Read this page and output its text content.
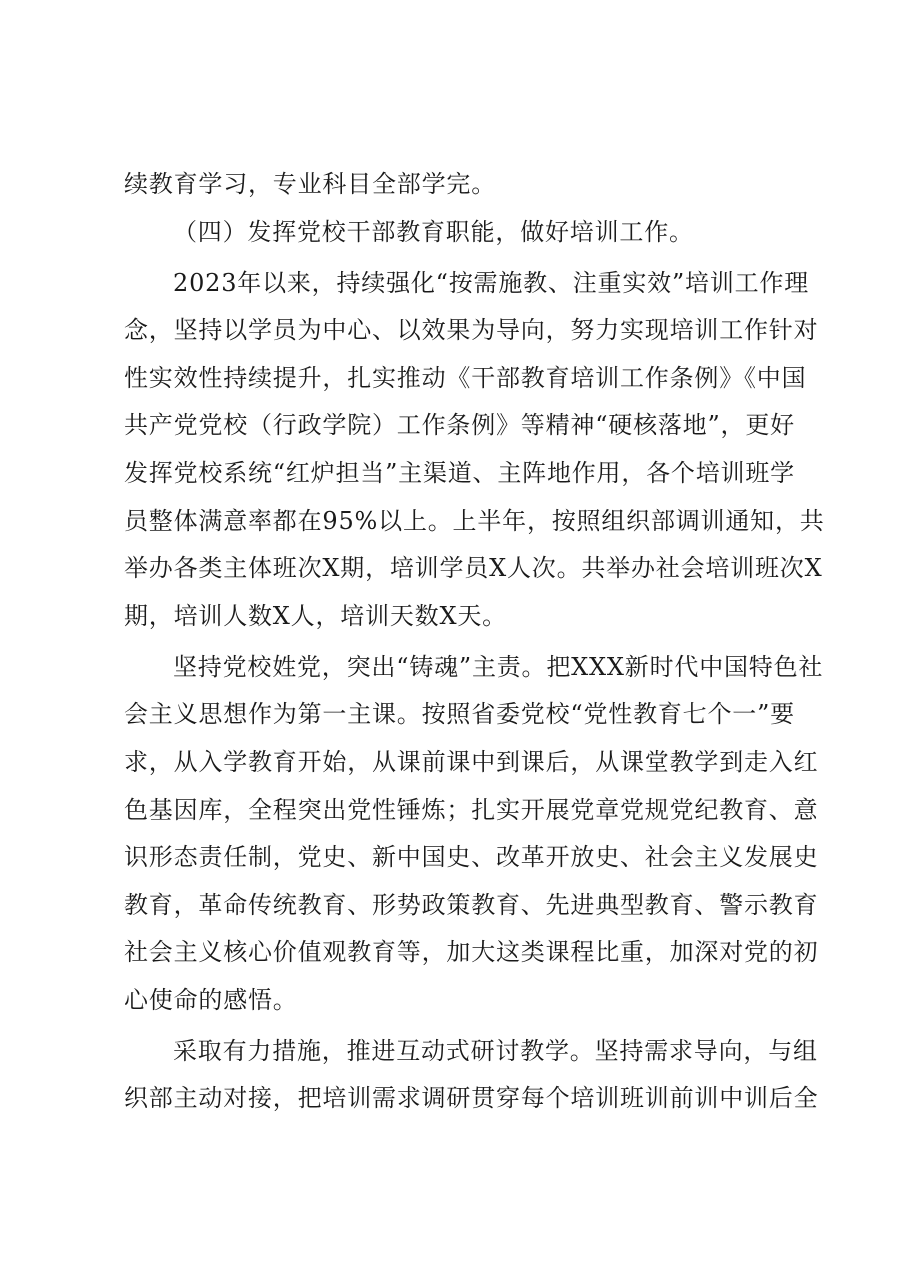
续教育学习，专业科目全部学完。
（四）发挥党校干部教育职能，做好培训工作。
2023年以来，持续强化“按需施教、注重实效”培训工作理
念，坚持以学员为中心、以效果为导向，努力实现培训工作针对
性实效性持续提升，扎实推动《干部教育培训工作条例》《中国
共产党党校（行政学院）工作条例》等精神“硬核落地”，更好
发挥党校系统“红炉担当”主渠道、主阵地作用，各个培训班学
员整体满意率都在95%以上。上半年，按照组织部调训通知，共
举办各类主体班次X期，培训学员X人次。共举办社会培训班次X
期，培训人数X人，培训天数X天。
坚持党校姓党，突出“铸魂”主责。把XXX新时代中国特色社
会主义思想作为第一主课。按照省委党校“党性教育七个一”要
求，从入学教育开始，从课前课中到课后，从课堂教学到走入红
色基因库，全程突出党性锤炼；扎实开展党章党规党纪教育、意
识形态责任制，党史、新中国史、改革开放史、社会主义发展史
教育，革命传统教育、形势政策教育、先进典型教育、警示教育
社会主义核心价值观教育等，加大这类课程比重，加深对党的初
心使命的感悟。
采取有力措施，推进互动式研讨教学。坚持需求导向，与组
织部主动对接，把培训需求调研贯穿每个培训班训前训中训后全
